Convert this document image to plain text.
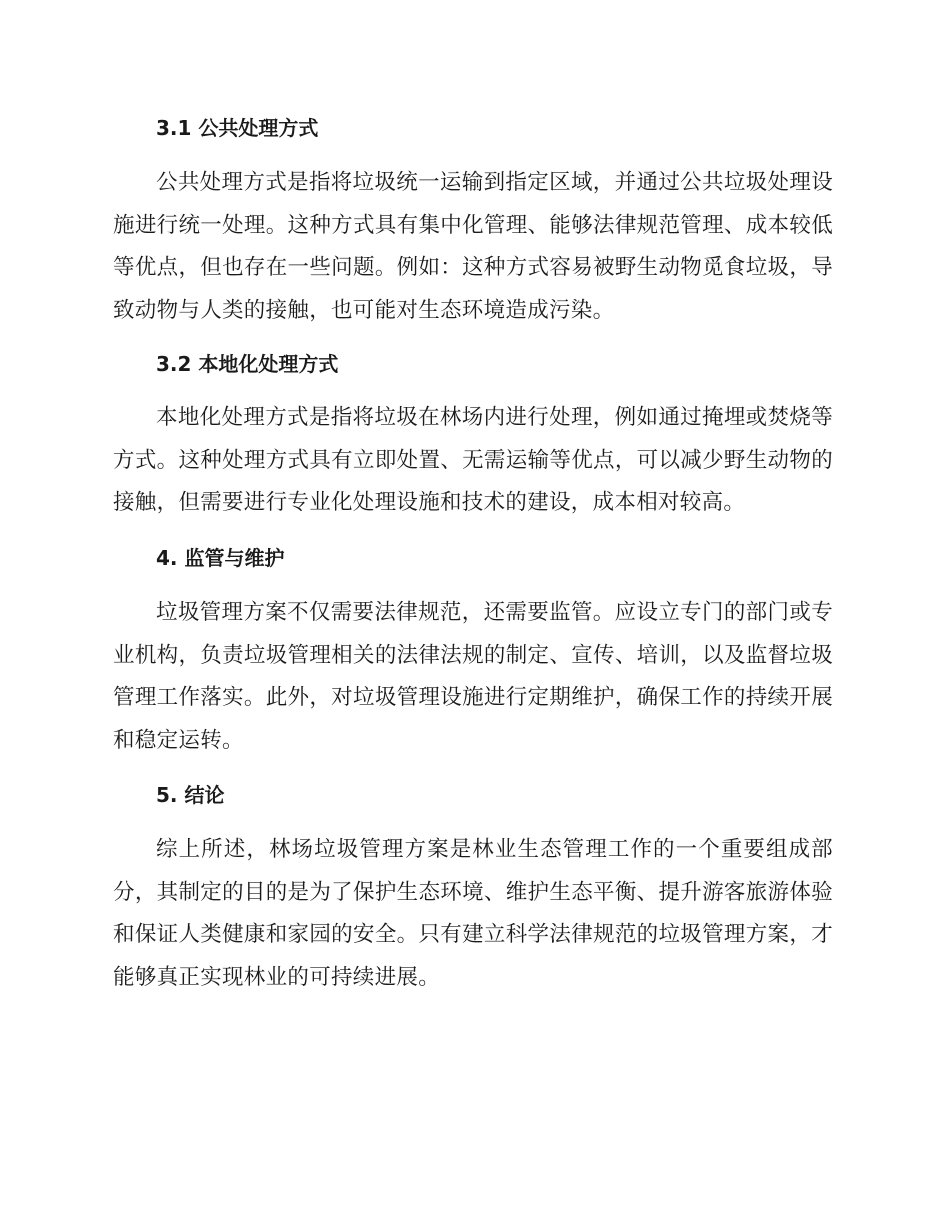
3.1 公共处理方式

公共处理方式是指将垃圾统一运输到指定区域，并通过公共垃圾处理设施进行统一处理。这种方式具有集中化管理、能够法律规范管理、成本较低等优点，但也存在一些问题。例如：这种方式容易被野生动物觅食垃圾，导致动物与人类的接触，也可能对生态环境造成污染。

3.2 本地化处理方式

本地化处理方式是指将垃圾在林场内进行处理，例如通过掩埋或焚烧等方式。这种处理方式具有立即处置、无需运输等优点，可以减少野生动物的接触，但需要进行专业化处理设施和技术的建设，成本相对较高。

4. 监管与维护

垃圾管理方案不仅需要法律规范，还需要监管。应设立专门的部门或专业机构，负责垃圾管理相关的法律法规的制定、宣传、培训，以及监督垃圾管理工作落实。此外，对垃圾管理设施进行定期维护，确保工作的持续开展和稳定运转。

5. 结论

综上所述，林场垃圾管理方案是林业生态管理工作的一个重要组成部分，其制定的目的是为了保护生态环境、维护生态平衡、提升游客旅游体验和保证人类健康和家园的安全。只有建立科学法律规范的垃圾管理方案，才能够真正实现林业的可持续进展。
